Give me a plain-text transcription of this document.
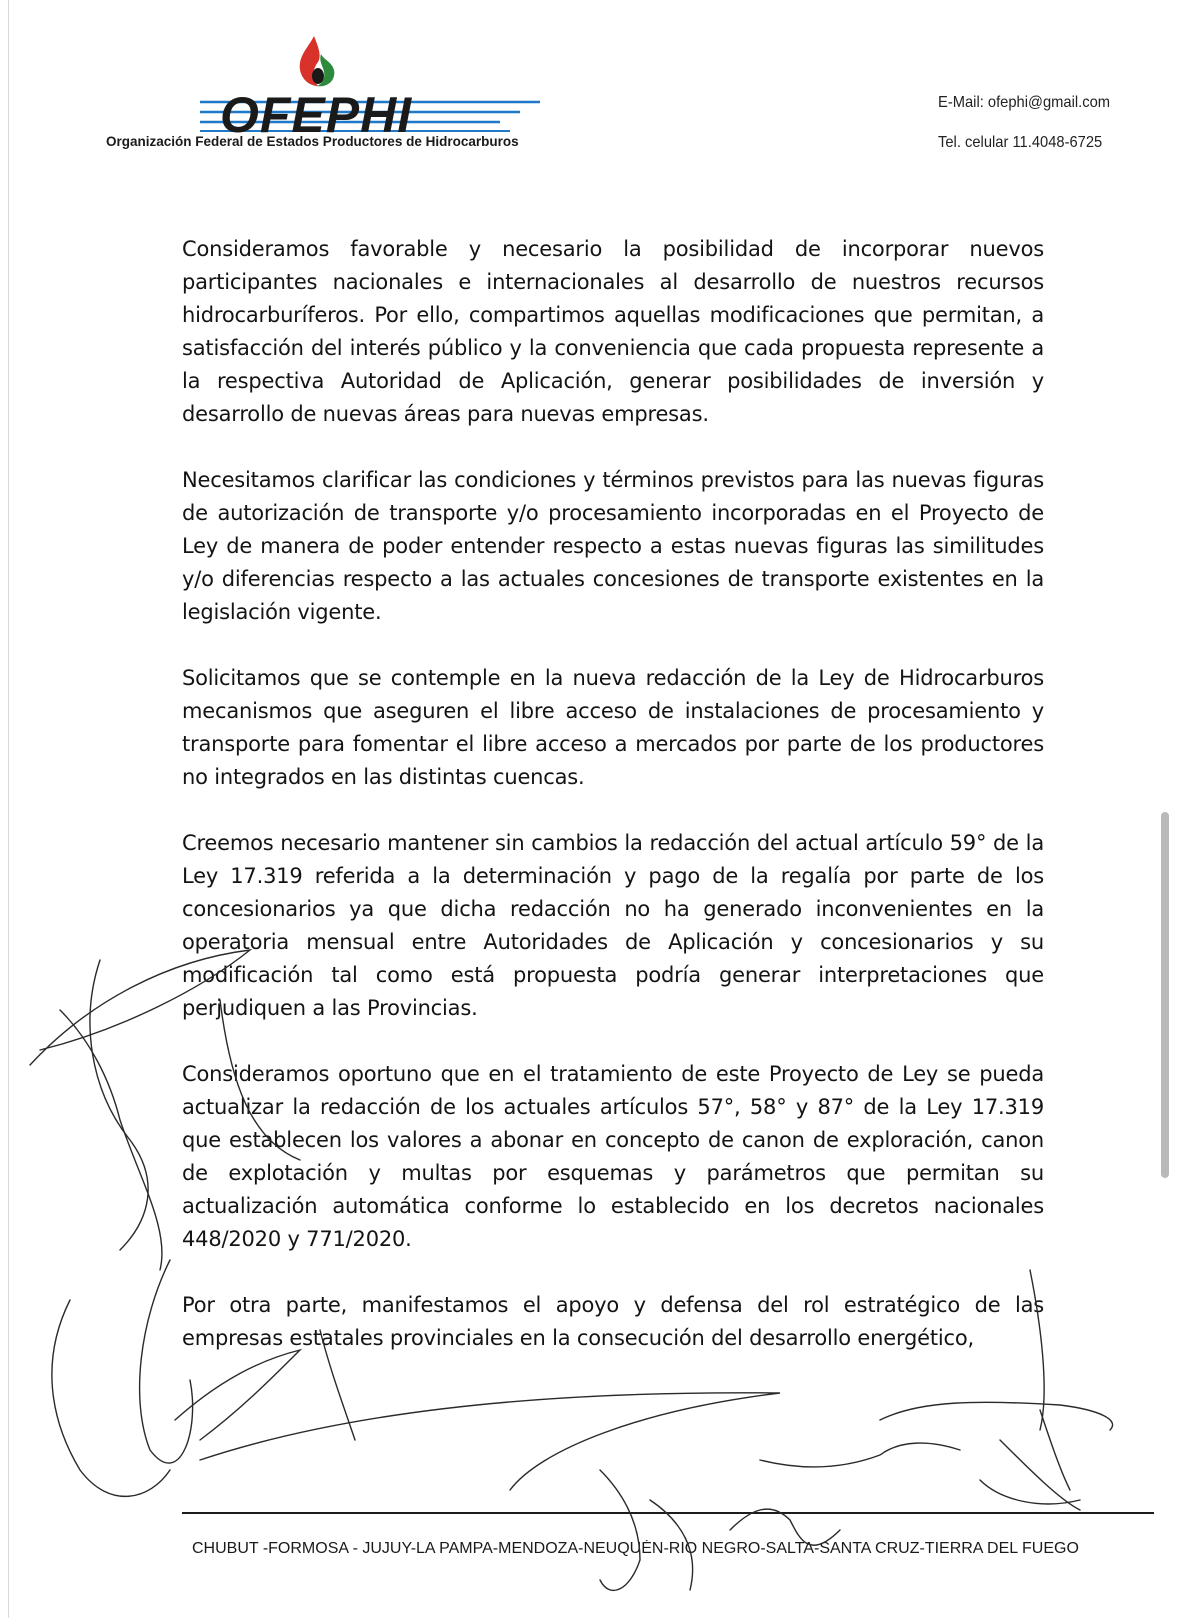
OFEPHI
Organización Federal de Estados Productores de Hidrocarburos
E-Mail: ofephi@gmail.com
Tel. celular 11.4048-6725

Consideramos favorable y necesario la posibilidad de incorporar nuevos participantes nacionales e internacionales al desarrollo de nuestros recursos hidrocarburíferos. Por ello, compartimos aquellas modificaciones que permitan, a satisfacción del interés público y la conveniencia que cada propuesta represente a la respectiva Autoridad de Aplicación, generar posibilidades de inversión y desarrollo de nuevas áreas para nuevas empresas.

Necesitamos clarificar las condiciones y términos previstos para las nuevas figuras de autorización de transporte y/o procesamiento incorporadas en el Proyecto de Ley de manera de poder entender respecto a estas nuevas figuras las similitudes y/o diferencias respecto a las actuales concesiones de transporte existentes en la legislación vigente.

Solicitamos que se contemple en la nueva redacción de la Ley de Hidrocarburos mecanismos que aseguren el libre acceso de instalaciones de procesamiento y transporte para fomentar el libre acceso a mercados por parte de los productores no integrados en las distintas cuencas.

Creemos necesario mantener sin cambios la redacción del actual artículo 59° de la Ley 17.319 referida a la determinación y pago de la regalía por parte de los concesionarios ya que dicha redacción no ha generado inconvenientes en la operatoria mensual entre Autoridades de Aplicación y concesionarios y su modificación tal como está propuesta podría generar interpretaciones que perjudiquen a las Provincias.

Consideramos oportuno que en el tratamiento de este Proyecto de Ley se pueda actualizar la redacción de los actuales artículos 57°, 58° y 87° de la Ley 17.319 que establecen los valores a abonar en concepto de canon de exploración, canon de explotación y multas por esquemas y parámetros que permitan su actualización automática conforme lo establecido en los decretos nacionales 448/2020 y 771/2020.

Por otra parte, manifestamos el apoyo y defensa del rol estratégico de las empresas estatales provinciales en la consecución del desarrollo energético,

CHUBUT -FORMOSA - JUJUY-LA PAMPA-MENDOZA-NEUQUÉN-RIO NEGRO-SALTA-SANTA CRUZ-TIERRA DEL FUEGO
